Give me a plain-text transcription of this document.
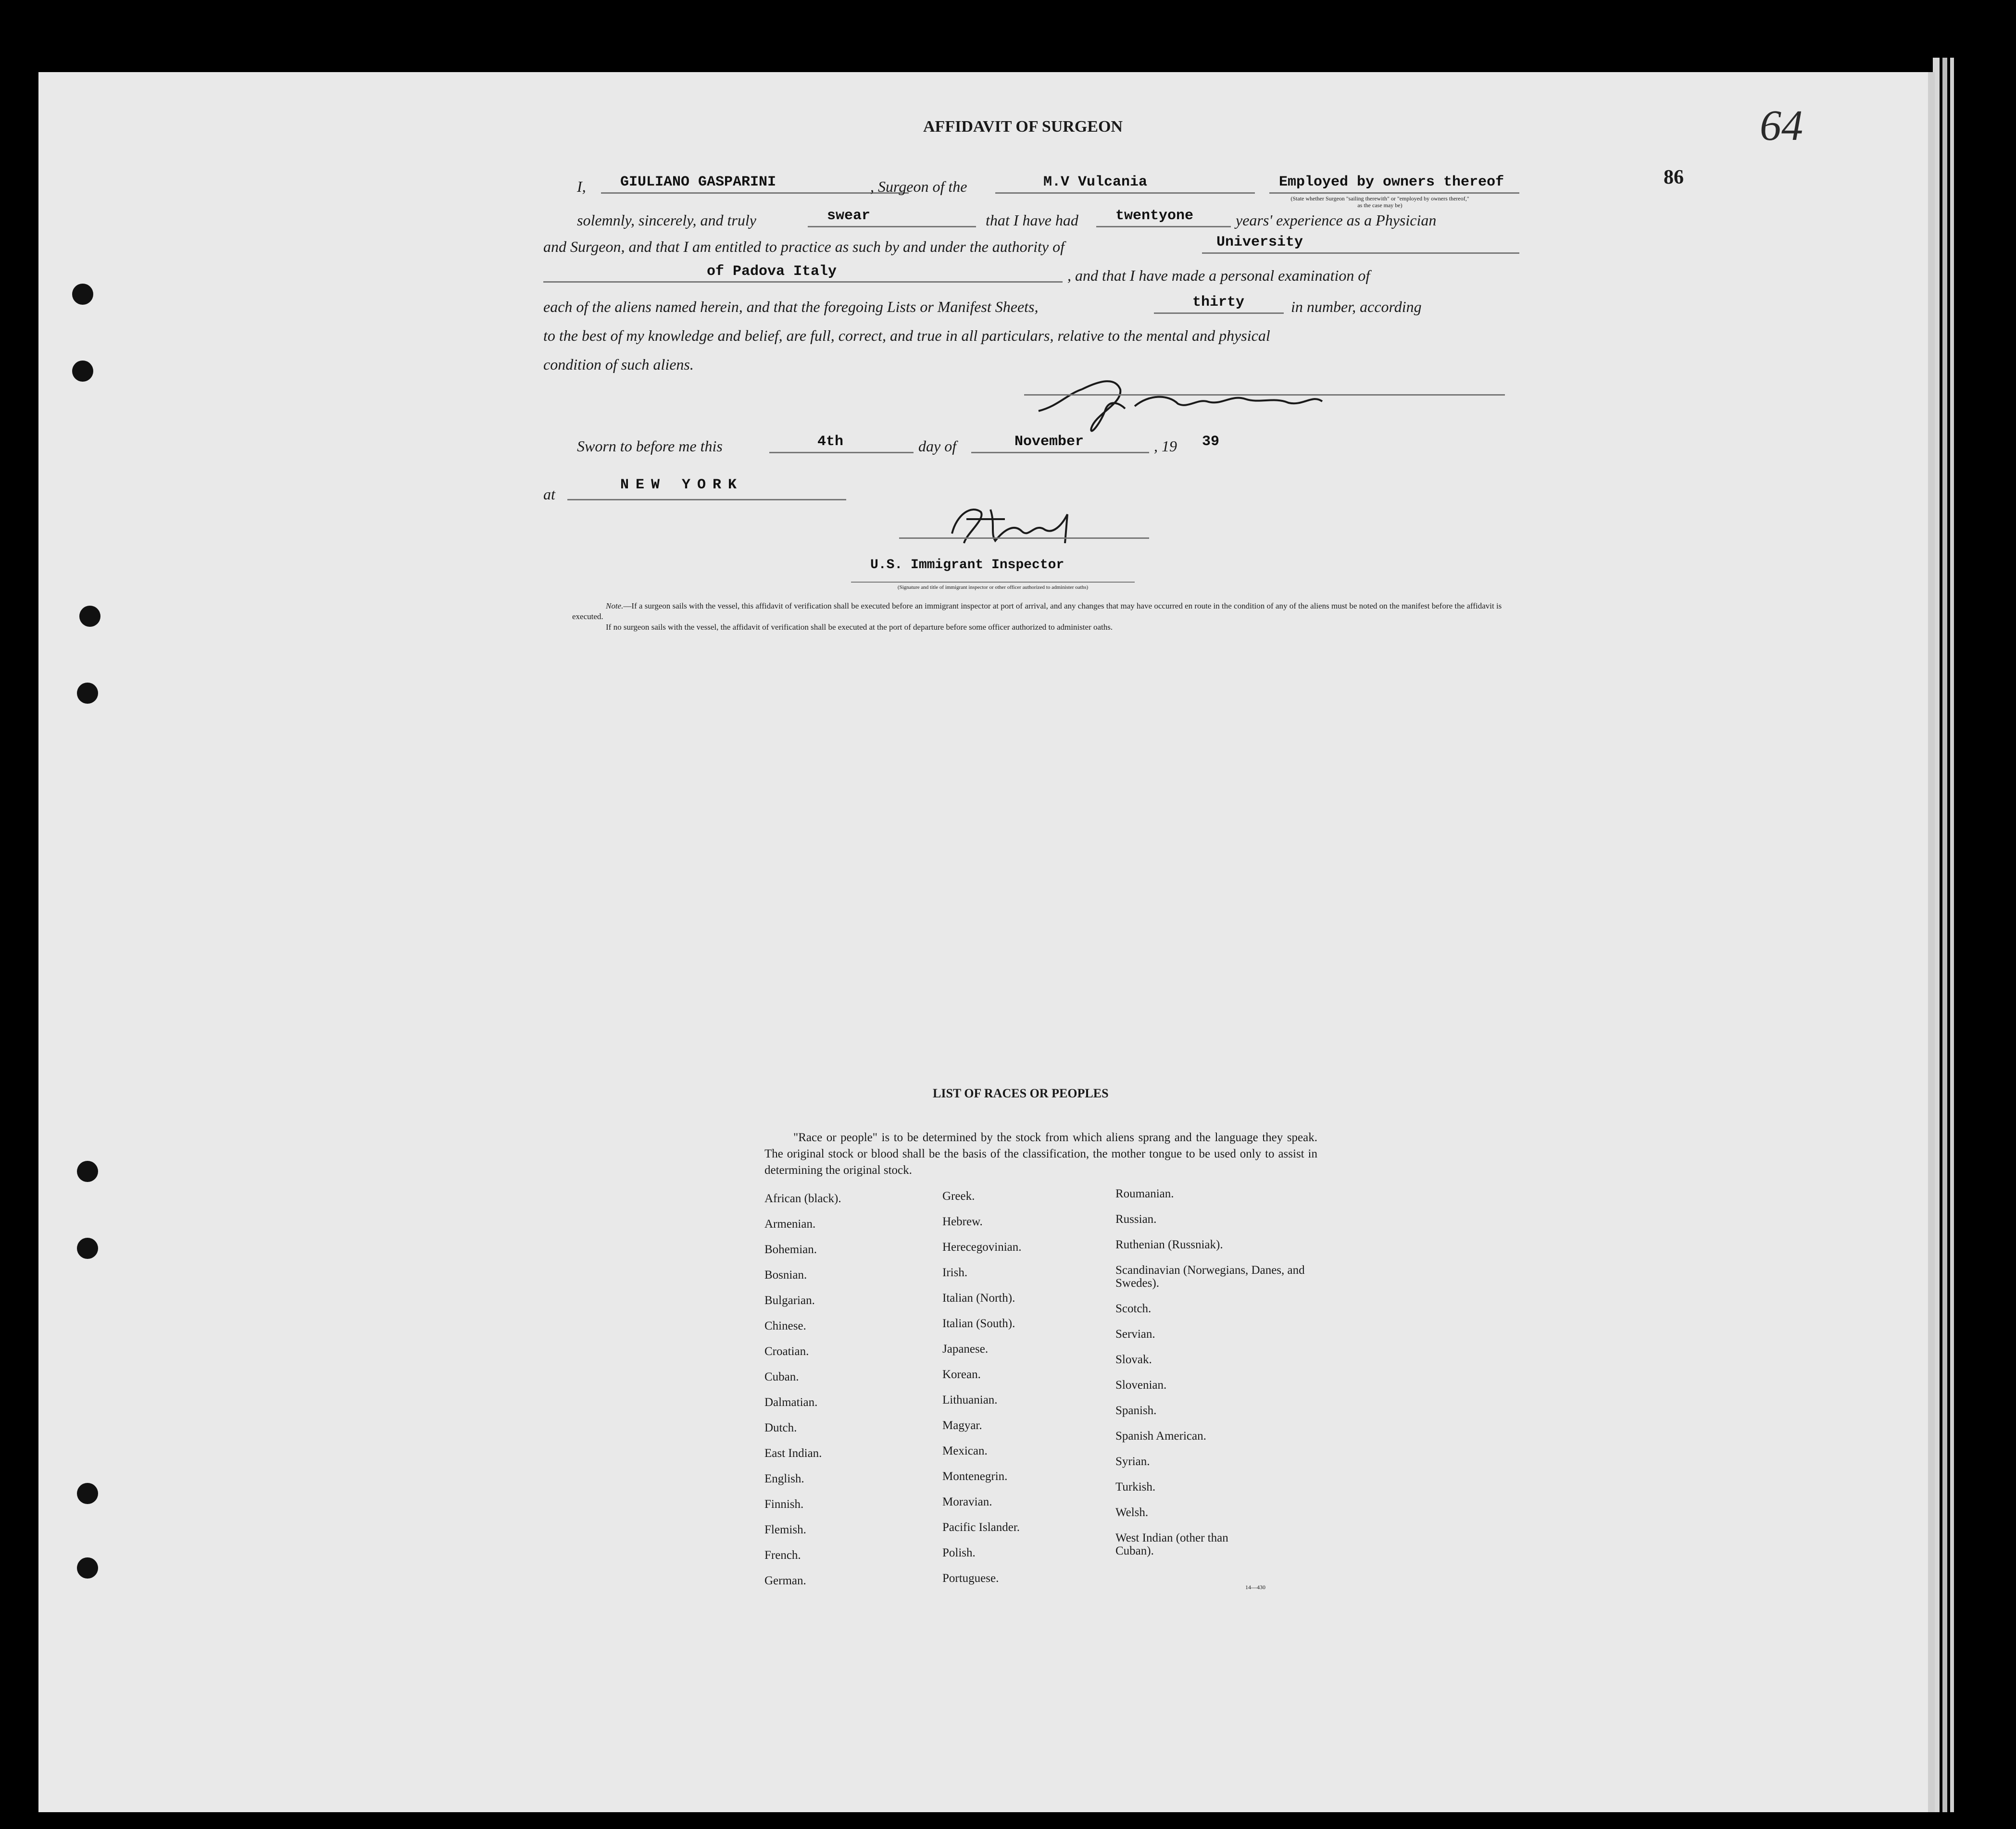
AFFIDAVIT OF SURGEON
86
64
I, GIULIANO GASPARINI	, Surgeon of the	M.V Vulcania	Employed by owners thereof
(State whether Surgeon "sailing therewith" or "employed by owners thereof," as the case may be)
solemnly, sincerely, and truly	swear	that I have had	twentyone	years' experience as a Physician
and Surgeon, and that I am entitled to practice as such by and under the authority of	University
of Padova Italy	, and that I have made a personal examination of
each of the aliens named herein, and that the foregoing Lists or Manifest Sheets,	thirty	in number, according
to the best of my knowledge and belief, are full, correct, and true in all particulars, relative to the mental and physical
condition of such aliens.
Sworn to before me this	4th	day of	November	, 19 39
at
NEW YORK
U.S. Immigrant Inspector
(Signature and title of immigrant inspector or other officer authorized to administer oaths)
Note.—If a surgeon sails with the vessel, this affidavit of verification shall be executed before an immigrant inspector at port of arrival, and any changes that may have occurred en route in the condition of any of the aliens must be noted on the manifest before the affidavit is executed.
If no surgeon sails with the vessel, the affidavit of verification shall be executed at the port of departure before some officer authorized to administer oaths.
LIST OF RACES OR PEOPLES
"Race or people" is to be determined by the stock from which aliens sprang and the language they speak. The original stock or blood shall be the basis of the classification, the mother tongue to be used only to assist in determining the original stock.
African (black).
Armenian.
Bohemian.
Bosnian.
Bulgarian.
Chinese.
Croatian.
Cuban.
Dalmatian.
Dutch.
East Indian.
English.
Finnish.
Flemish.
French.
German.
Greek.
Hebrew.
Herecegovinian.
Irish.
Italian (North).
Italian (South).
Japanese.
Korean.
Lithuanian.
Magyar.
Mexican.
Montenegrin.
Moravian.
Pacific Islander.
Polish.
Portuguese.
Roumanian.
Russian.
Ruthenian (Russniak).
Scandinavian (Norwegians, Danes, and Swedes).
Scotch.
Servian.
Slovak.
Slovenian.
Spanish.
Spanish American.
Syrian.
Turkish.
Welsh.
West Indian (other than Cuban).
14—430
